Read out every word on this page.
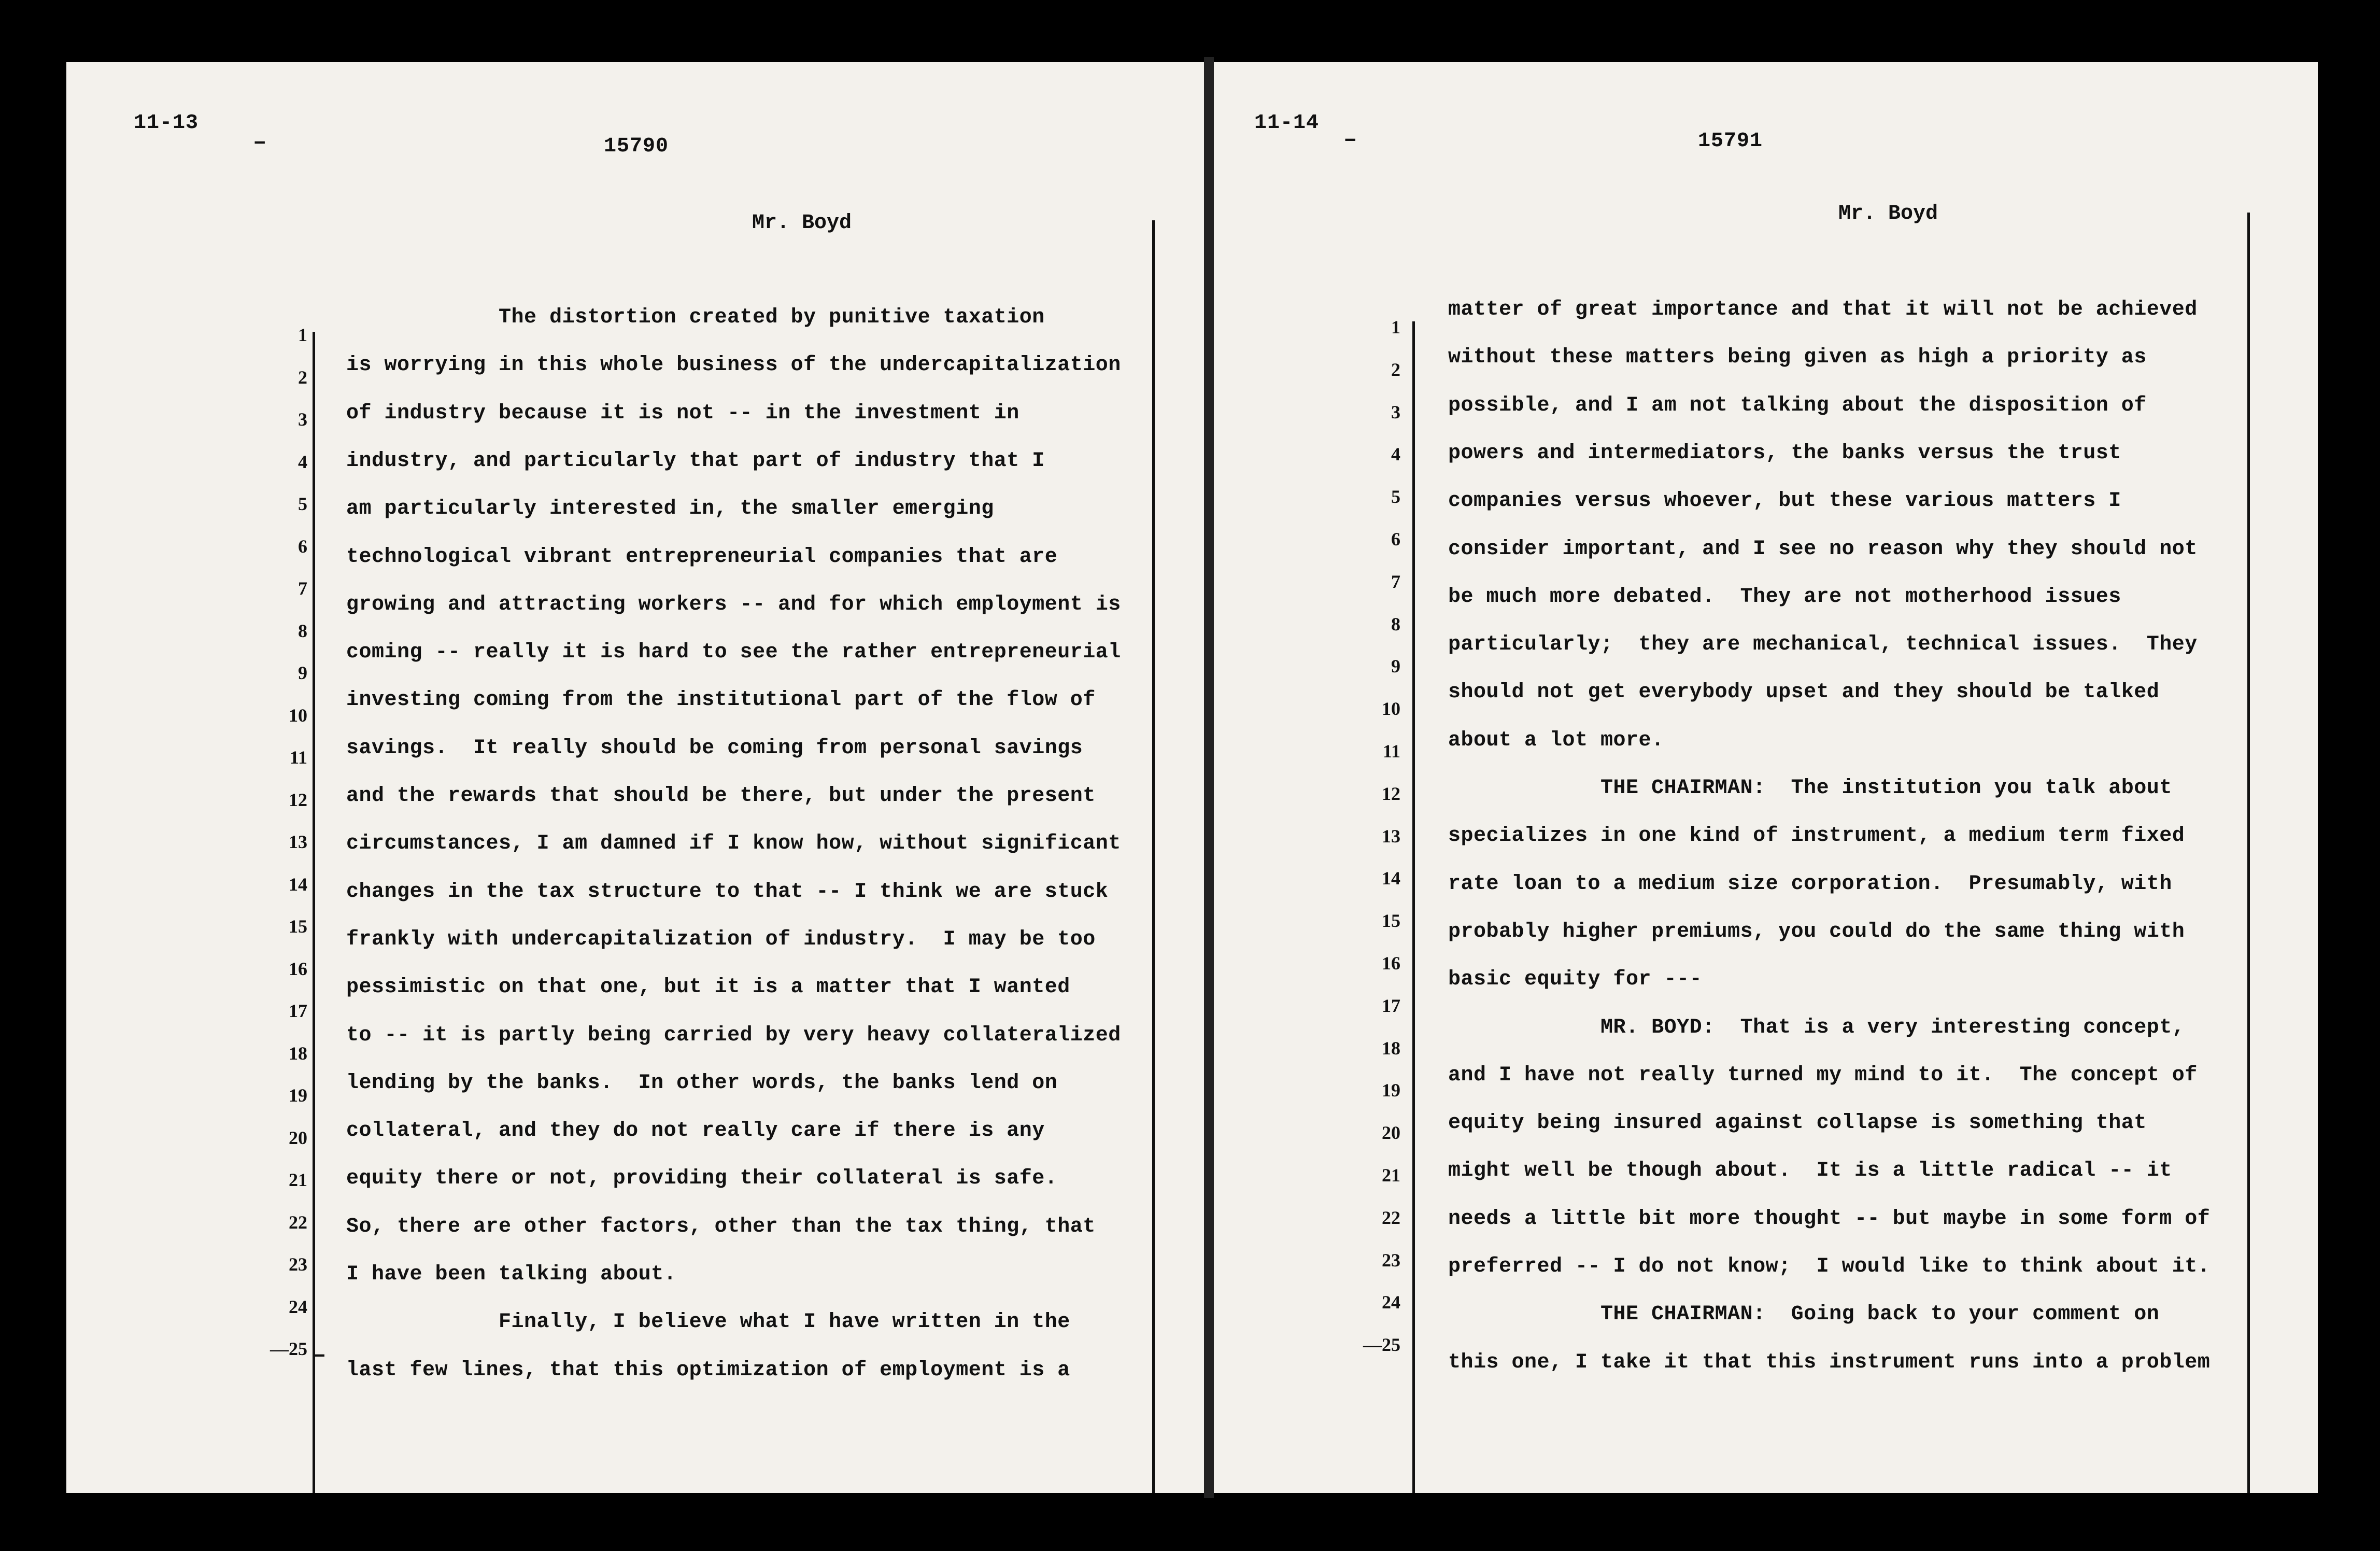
11-13
–	15790
Mr. Boyd
1
2
3
4
5
6
7
8
9
10
11
12
13
14
15
16
17
18
19
20
21
22
23
24
—25 –
The distortion created by punitive taxation
is worrying in this whole business of the undercapitalization
of industry because it is not -- in the investment in
industry, and particularly that part of industry that I
am particularly interested in, the smaller emerging
technological vibrant entrepreneurial companies that are
growing and attracting workers -- and for which employment is
coming -- really it is hard to see the rather entrepreneurial
investing coming from the institutional part of the flow of
savings.  It really should be coming from personal savings
and the rewards that should be there, but under the present
circumstances, I am damned if I know how, without significant
changes in the tax structure to that -- I think we are stuck
frankly with undercapitalization of industry.  I may be too
pessimistic on that one, but it is a matter that I wanted
to -- it is partly being carried by very heavy collateralized
lending by the banks.  In other words, the banks lend on
collateral, and they do not really care if there is any
equity there or not, providing their collateral is safe.
So, there are other factors, other than the tax thing, that
I have been talking about.
Finally, I believe what I have written in the
last few lines, that this optimization of employment is a
11-14
–	15791
Mr. Boyd
1
2
3
4
5
6
7
8
9
10
11
12
13
14
15
16
17
18
19
20
21
22
23
24
—25
matter of great importance and that it will not be achieved
without these matters being given as high a priority as
possible, and I am not talking about the disposition of
powers and intermediators, the banks versus the trust
companies versus whoever, but these various matters I
consider important, and I see no reason why they should not
be much more debated.  They are not motherhood issues
particularly;  they are mechanical, technical issues.  They
should not get everybody upset and they should be talked
about a lot more.
THE CHAIRMAN:  The institution you talk about
specializes in one kind of instrument, a medium term fixed
rate loan to a medium size corporation.  Presumably, with
probably higher premiums, you could do the same thing with
basic equity for ---
MR. BOYD:  That is a very interesting concept,
and I have not really turned my mind to it.  The concept of
equity being insured against collapse is something that
might well be though about.  It is a little radical -- it
needs a little bit more thought -- but maybe in some form of
preferred -- I do not know;  I would like to think about it.
THE CHAIRMAN:  Going back to your comment on
this one, I take it that this instrument runs into a problem
